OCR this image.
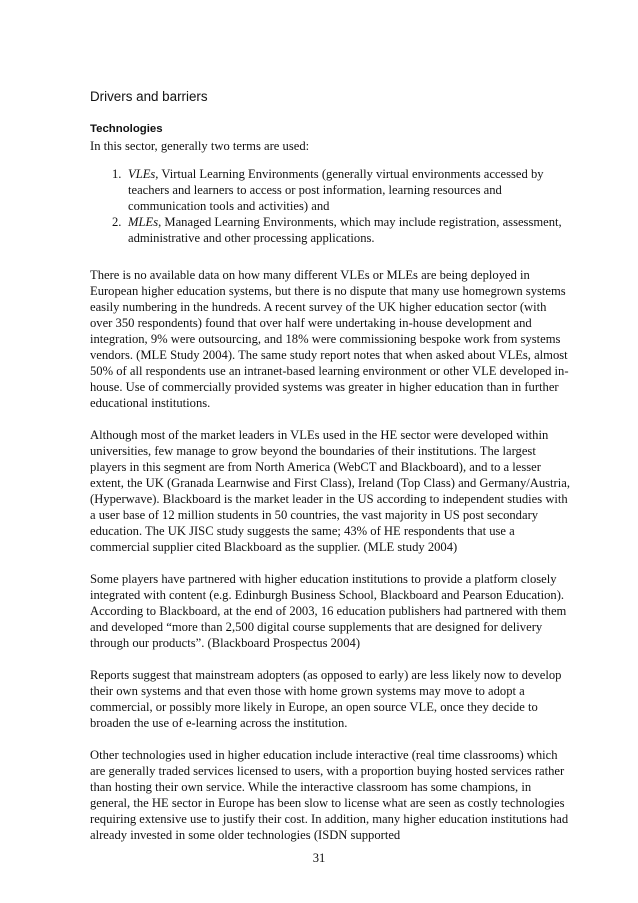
Drivers and barriers
Technologies

In this sector, generally two terms are used:

1. VLEs, Virtual Learning Environments (generally virtual environments accessed by teachers and learners to access or post information, learning resources and communication tools and activities) and
2. MLEs, Managed Learning Environments, which may include registration, assessment, administrative and other processing applications.

There is no available data on how many different VLEs or MLEs are being deployed in European higher education systems, but there is no dispute that many use homegrown systems easily numbering in the hundreds. A recent survey of the UK higher education sector (with over 350 respondents) found that over half were undertaking in-house development and integration, 9% were outsourcing, and 18% were commissioning bespoke work from systems vendors. (MLE Study 2004). The same study report notes that when asked about VLEs, almost 50% of all respondents use an intranet-based learning environment or other VLE developed in-house. Use of commercially provided systems was greater in higher education than in further educational institutions.

Although most of the market leaders in VLEs used in the HE sector were developed within universities, few manage to grow beyond the boundaries of their institutions. The largest players in this segment are from North America (WebCT and Blackboard), and to a lesser extent, the UK (Granada Learnwise and First Class), Ireland (Top Class) and Germany/Austria, (Hyperwave). Blackboard is the market leader in the US according to independent studies with a user base of 12 million students in 50 countries, the vast majority in US post secondary education. The UK JISC study suggests the same; 43% of HE respondents that use a commercial supplier cited Blackboard as the supplier. (MLE study 2004)

Some players have partnered with higher education institutions to provide a platform closely integrated with content (e.g. Edinburgh Business School, Blackboard and Pearson Education). According to Blackboard, at the end of 2003, 16 education publishers had partnered with them and developed “more than 2,500 digital course supplements that are designed for delivery through our products”. (Blackboard Prospectus 2004)

Reports suggest that mainstream adopters (as opposed to early) are less likely now to develop their own systems and that even those with home grown systems may move to adopt a commercial, or possibly more likely in Europe, an open source VLE, once they decide to broaden the use of e-learning across the institution.

Other technologies used in higher education include interactive (real time classrooms) which are generally traded services licensed to users, with a proportion buying hosted services rather than hosting their own service. While the interactive classroom has some champions, in general, the HE sector in Europe has been slow to license what are seen as costly technologies requiring extensive use to justify their cost. In addition, many higher education institutions had already invested in some older technologies (ISDN supported

31
